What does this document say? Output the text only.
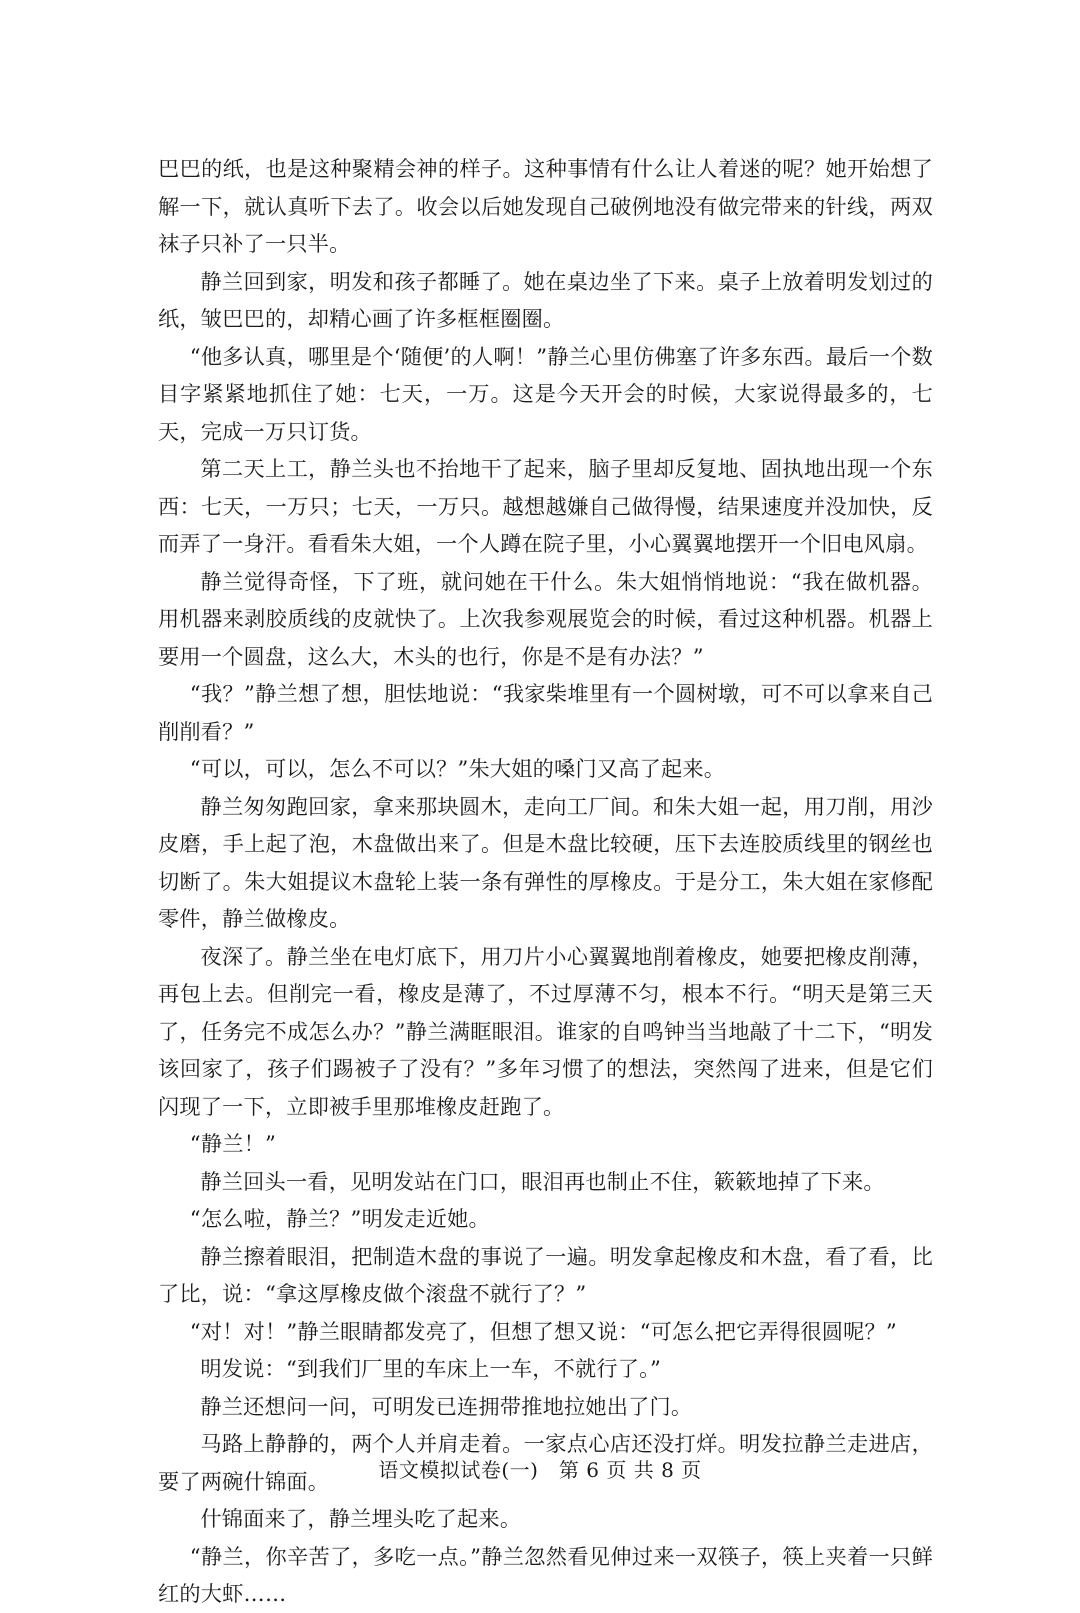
巴巴的纸，也是这种聚精会神的样子。这种事情有什么让人着迷的呢？她开始想了解一下，就认真听下去了。收会以后她发现自己破例地没有做完带来的针线，两双袜子只补了一只半。

静兰回到家，明发和孩子都睡了。她在桌边坐了下来。桌子上放着明发划过的纸，皱巴巴的，却精心画了许多框框圈圈。

“他多认真，哪里是个‘随便’的人啊！”静兰心里仿佛塞了许多东西。最后一个数目字紧紧地抓住了她：七天，一万。这是今天开会的时候，大家说得最多的，七天，完成一万只订货。

第二天上工，静兰头也不抬地干了起来，脑子里却反复地、固执地出现一个东西：七天，一万只；七天，一万只。越想越嫌自己做得慢，结果速度并没加快，反而弄了一身汗。看看朱大姐，一个人蹲在院子里，小心翼翼地摆开一个旧电风扇。

静兰觉得奇怪，下了班，就问她在干什么。朱大姐悄悄地说：“我在做机器。用机器来剥胶质线的皮就快了。上次我参观展览会的时候，看过这种机器。机器上要用一个圆盘，这么大，木头的也行，你是不是有办法？”

“我？”静兰想了想，胆怯地说：“我家柴堆里有一个圆树墩，可不可以拿来自己削削看？”

“可以，可以，怎么不可以？”朱大姐的嗓门又高了起来。

静兰匆匆跑回家，拿来那块圆木，走向工厂间。和朱大姐一起，用刀削，用沙皮磨，手上起了泡，木盘做出来了。但是木盘比较硬，压下去连胶质线里的钢丝也切断了。朱大姐提议木盘轮上装一条有弹性的厚橡皮。于是分工，朱大姐在家修配零件，静兰做橡皮。

夜深了。静兰坐在电灯底下，用刀片小心翼翼地削着橡皮，她要把橡皮削薄，再包上去。但削完一看，橡皮是薄了，不过厚薄不匀，根本不行。“明天是第三天了，任务完不成怎么办？”静兰满眶眼泪。谁家的自鸣钟当当地敲了十二下，“明发该回家了，孩子们踢被子了没有？”多年习惯了的想法，突然闯了进来，但是它们闪现了一下，立即被手里那堆橡皮赶跑了。

“静兰！”

静兰回头一看，见明发站在门口，眼泪再也制止不住，簌簌地掉了下来。

“怎么啦，静兰？”明发走近她。

静兰擦着眼泪，把制造木盘的事说了一遍。明发拿起橡皮和木盘，看了看，比了比，说：“拿这厚橡皮做个滚盘不就行了？”

“对！对！”静兰眼睛都发亮了，但想了想又说：“可怎么把它弄得很圆呢？”

明发说：“到我们厂里的车床上一车，不就行了。”

静兰还想问一问，可明发已连拥带推地拉她出了门。

马路上静静的，两个人并肩走着。一家点心店还没打烊。明发拉静兰走进店，要了两碗什锦面。

什锦面来了，静兰埋头吃了起来。

“静兰，你辛苦了，多吃一点。”静兰忽然看见伸过来一双筷子，筷上夹着一只鲜红的大虾……

语文模拟试卷(一)　第 6 页 共 8 页
